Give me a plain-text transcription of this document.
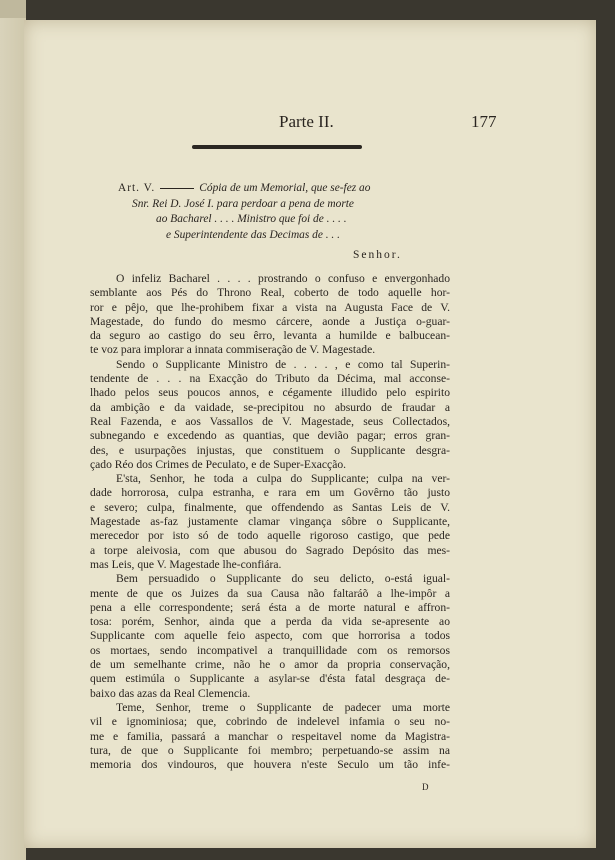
Parte II.	177
Art. V.	Cópia de um Memorial, que se-fez ao
Snr. Rei D. José I. para perdoar a pena de morte
ao Bacharel . . . . Ministro que foi de . . . .
e Superintendente das Decimas de . . .
Senhor.
O infeliz Bacharel . . . . prostrando o confuso e envergonhado
semblante aos Pés do Throno Real, coberto de todo aquelle hor-
ror e pêjo, que lhe-prohibem fixar a vista na Augusta Face de V.
Magestade, do fundo do mesmo cárcere, aonde a Justiça o-guar-
da seguro ao castigo do seu êrro, levanta a humilde e balbucean-
te voz para implorar a innata commiseração de V. Magestade.
Sendo o Supplicante Ministro de . . . . , e como tal Superin-
tendente de . . . na Exacção do Tributo da Décima, mal acconse-
lhado pelos seus poucos annos, e cégamente illudido pelo espirito
da ambição e da vaidade, se-precipitou no absurdo de fraudar a
Real Fazenda, e aos Vassallos de V. Magestade, seus Collectados,
subnegando e excedendo as quantias, que devião pagar; erros gran-
des, e usurpações injustas, que constituem o Supplicante desgra-
çado Réo dos Crimes de Peculato, e de Super-Exacção.
E'sta, Senhor, he toda a culpa do Supplicante; culpa na ver-
dade horrorosa, culpa estranha, e rara em um Govêrno tão justo
e severo; culpa, finalmente, que offendendo as Santas Leis de V.
Magestade as-faz justamente clamar vingança sôbre o Supplicante,
merecedor por isto só de todo aquelle rigoroso castigo, que pede
a torpe aleivosia, com que abusou do Sagrado Depósito das mes-
mas Leis, que V. Magestade lhe-confiára.
Bem persuadido o Supplicante do seu delicto, o-está igual-
mente de que os Juizes da sua Causa não faltaráõ a lhe-impôr a
pena a elle correspondente; será ésta a de morte natural e affron-
tosa: porém, Senhor, ainda que a perda da vida se-apresente ao
Supplicante com aquelle feio aspecto, com que horrorisa a todos
os mortaes, sendo incompativel a tranquillidade com os remorsos
de um semelhante crime, não he o amor da propria conservação,
quem estimúla o Supplicante a asylar-se d'ésta fatal desgraça de-
baixo das azas da Real Clemencia.
Teme, Senhor, treme o Supplicante de padecer uma morte
vil e ignominiosa; que, cobrindo de indelevel infamia o seu no-
me e familia, passará a manchar o respeitavel nome da Magistra-
tura, de que o Supplicante foi membro; perpetuando-se assim na
memoria dos vindouros, que houvera n'este Seculo um tão infe-
D
